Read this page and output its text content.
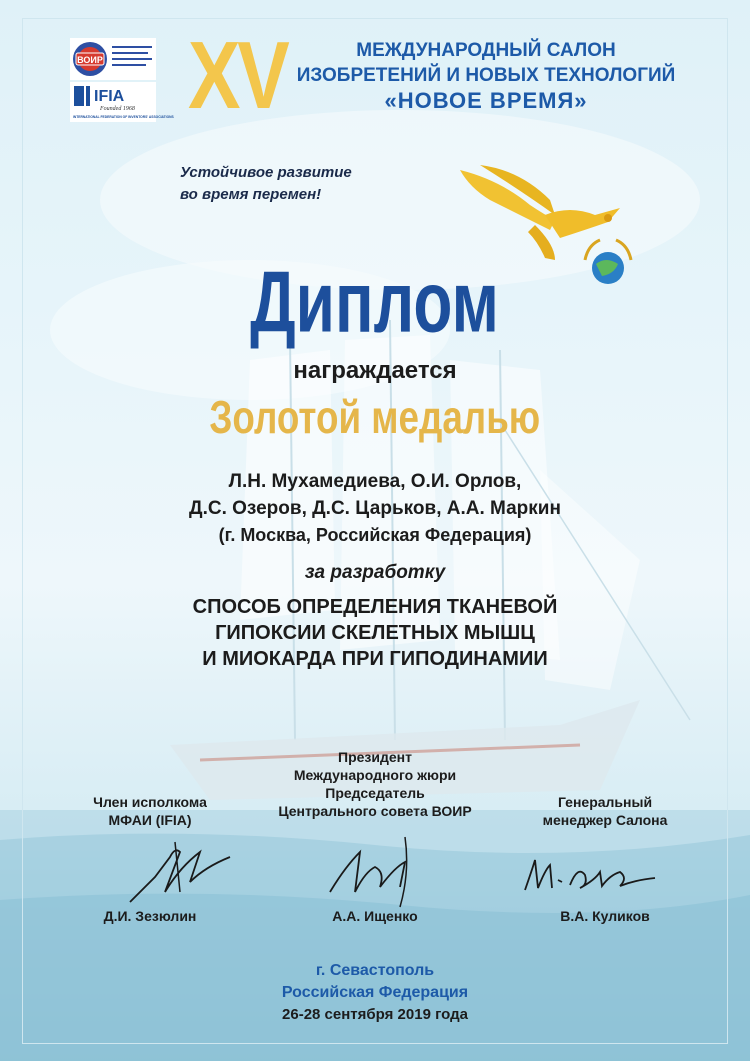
ВОИР
IFIA
Founded 1968
INTERNATIONAL FEDERATION OF INVENTORS' ASSOCIATIONS XV	МЕЖДУНАРОДНЫЙ САЛОН
ИЗОБРЕТЕНИЙ И НОВЫХ ТЕХНОЛОГИЙ
«НОВОЕ ВРЕМЯ»
Устойчивое развитие
во время перемен!
Диплом
награждается
Золотой медалью
Л.Н. Мухамедиева, О.И. Орлов,
Д.С. Озеров, Д.С. Царьков, А.А. Маркин
(г. Москва, Российская Федерация)
за разработку
СПОСОБ ОПРЕДЕЛЕНИЯ ТКАНЕВОЙ
ГИПОКСИИ СКЕЛЕТНЫХ МЫШЦ
И МИОКАРДА ПРИ ГИПОДИНАМИИ
Президент
Международного жюри
Председатель
Центрального совета ВОИР
Член исполкома
МФАИ (IFIA)
Генеральный
менеджер Салона
Д.И. Зезюлин	А.А. Ищенко	В.А. Куликов
г. Севастополь
Российская Федерация
26-28 сентября 2019 года
